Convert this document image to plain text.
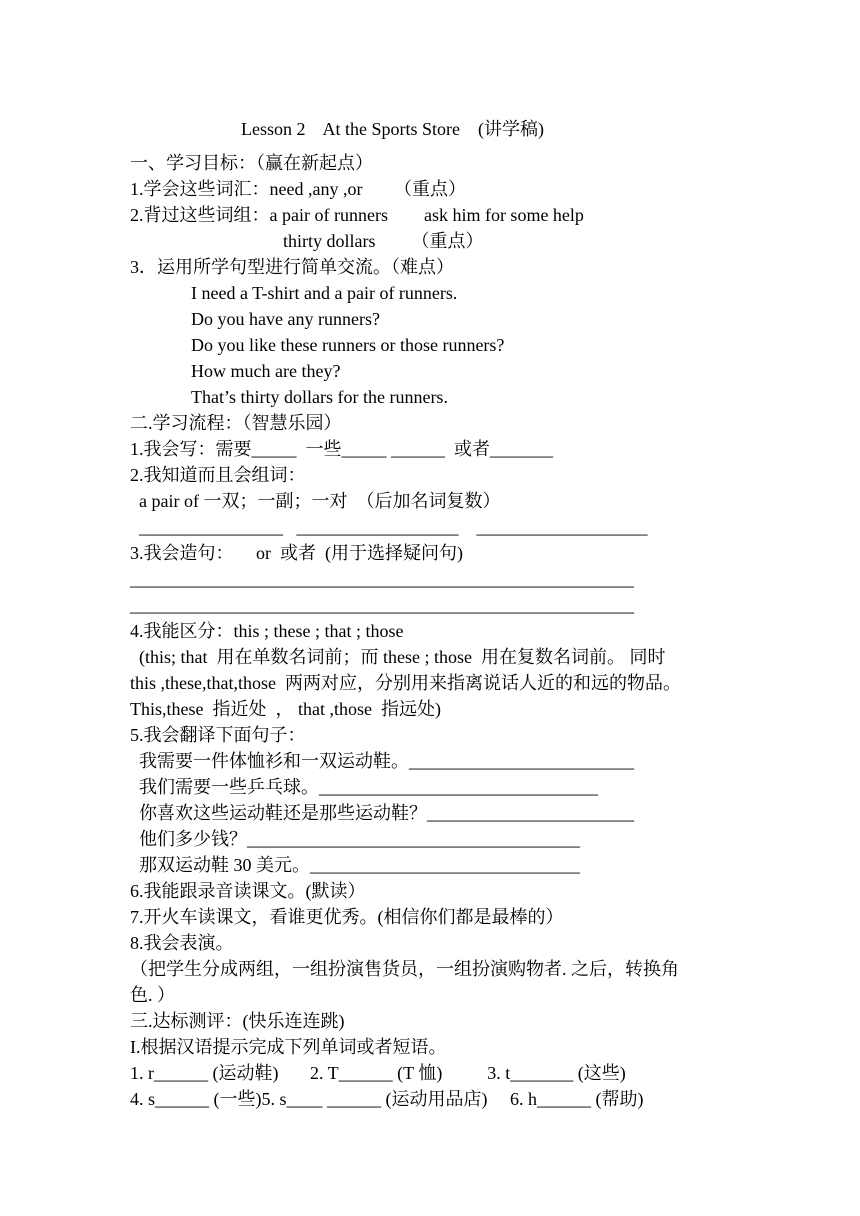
Lesson 2    At the Sports Store    (讲学稿)
一、学习目标：（赢在新起点）
1.学会这些词汇：need ,any ,or       （重点）
2.背过这些词组：a pair of runners        ask him for some help
thirty dollars        （重点）
3．运用所学句型进行简单交流。（难点）
I need a T-shirt and a pair of runners.
Do you have any runners?
Do you like these runners or those runners?
How much are they?
That’s thirty dollars for the runners.
二.学习流程：（智慧乐园）
1.我会写：需要_____  一些_____ ______  或者_______
2.我知道而且会组词：
a pair of 一双；一副；一对  （后加名词复数）
________________   __________________    ___________________
3.我会造句：     or  或者  (用于选择疑问句)
________________________________________________________
________________________________________________________
4.我能区分：this ; these ; that ; those
(this; that  用在单数名词前；而 these ; those  用在复数名词前。 同时
this ,these,that,those  两两对应，分别用来指离说话人近的和远的物品。
This,these  指近处  ， that ,those  指远处)
5.我会翻译下面句子：
我需要一件体恤衫和一双运动鞋。_________________________
我们需要一些乒乓球。_______________________________
你喜欢这些运动鞋还是那些运动鞋？_______________________
他们多少钱？_____________________________________
那双运动鞋 30 美元。______________________________
6.我能跟录音读课文。(默读）
7.开火车读课文，看谁更优秀。(相信你们都是最棒的）
8.我会表演。
（把学生分成两组，一组扮演售货员，一组扮演购物者. 之后，转换角
色. ）
三.达标测评：(快乐连连跳)
I.根据汉语提示完成下列单词或者短语。
1. r______ (运动鞋)       2. T______ (T 恤)          3. t_______ (这些)
4. s______ (一些)5. s____ ______ (运动用品店)     6. h______ (帮助)
